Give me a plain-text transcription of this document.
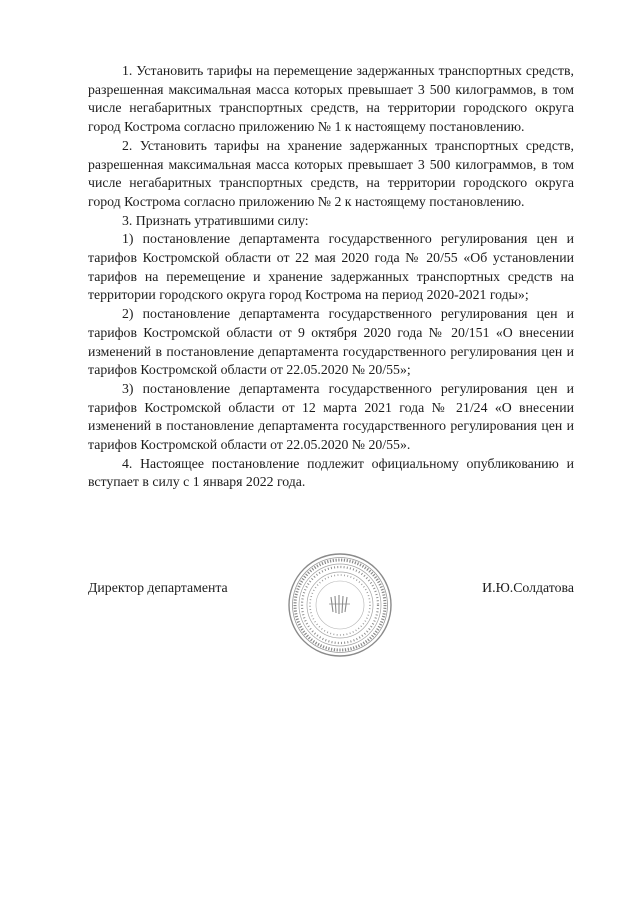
1. Установить тарифы на перемещение задержанных транспортных средств, разрешенная максимальная масса которых превышает 3 500 килограммов, в том числе негабаритных транспортных средств, на территории городского округа город Кострома согласно приложению № 1 к настоящему постановлению.

2. Установить тарифы на хранение задержанных транспортных средств, разрешенная максимальная масса которых превышает 3 500 килограммов, в том числе негабаритных транспортных средств, на территории городского округа город Кострома согласно приложению № 2 к настоящему постановлению.

3. Признать утратившими силу:

1) постановление департамента государственного регулирования цен и тарифов Костромской области от 22 мая 2020 года № 20/55 «Об установлении тарифов на перемещение и хранение задержанных транспортных средств на территории городского округа город Кострома на период 2020-2021 годы»;

2) постановление департамента государственного регулирования цен и тарифов Костромской области от 9 октября 2020 года № 20/151 «О внесении изменений в постановление департамента государственного регулирования цен и тарифов Костромской области от 22.05.2020 № 20/55»;

3) постановление департамента государственного регулирования цен и тарифов Костромской области от 12 марта 2021 года № 21/24 «О внесении изменений в постановление департамента государственного регулирования цен и тарифов Костромской области от 22.05.2020 № 20/55».

4. Настоящее постановление подлежит официальному опубликованию и вступает в силу с 1 января 2022 года.

Директор департамента	И.Ю.Солдатова
